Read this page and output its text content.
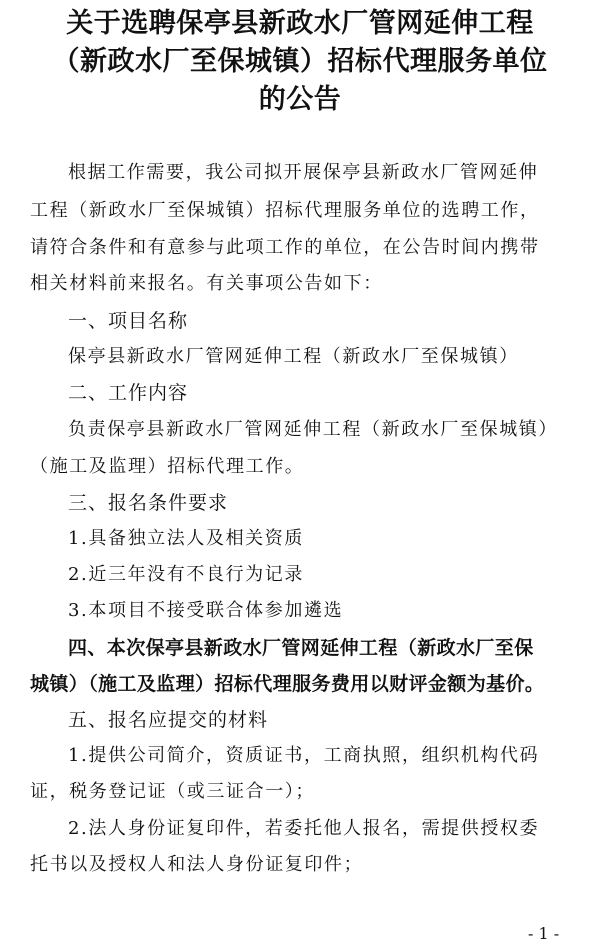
关于选聘保亭县新政水厂管网延伸工程
（新政水厂至保城镇）招标代理服务单位
的公告

根据工作需要，我公司拟开展保亭县新政水厂管网延伸

工程（新政水厂至保城镇）招标代理服务单位的选聘工作，

请符合条件和有意参与此项工作的单位，在公告时间内携带

相关材料前来报名。有关事项公告如下：

一、项目名称

保亭县新政水厂管网延伸工程（新政水厂至保城镇）

二、工作内容

负责保亭县新政水厂管网延伸工程（新政水厂至保城镇）

（施工及监理）招标代理工作。

三、报名条件要求

1.具备独立法人及相关资质

2.近三年没有不良行为记录

3.本项目不接受联合体参加遴选

四、本次保亭县新政水厂管网延伸工程（新政水厂至保

城镇）（施工及监理）招标代理服务费用以财评金额为基价。

五、报名应提交的材料

1.提供公司简介，资质证书，工商执照，组织机构代码

证，税务登记证（或三证合一）；

2.法人身份证复印件，若委托他人报名，需提供授权委

托书以及授权人和法人身份证复印件；

- 1 -
